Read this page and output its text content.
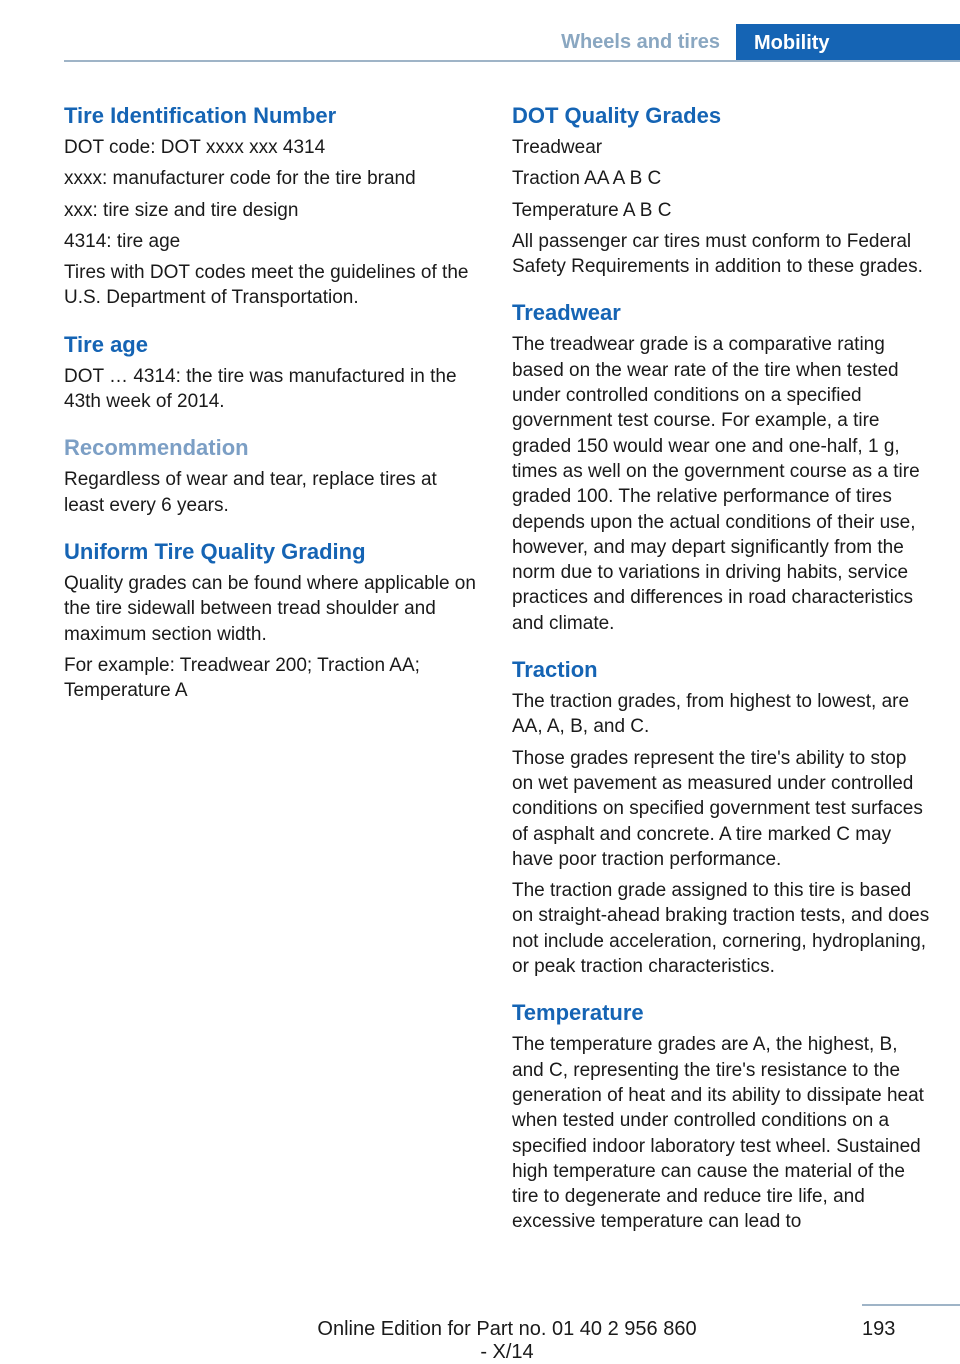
Wheels and tires	Mobility
Tire Identification Number

DOT code: DOT xxxx xxx 4314

xxxx: manufacturer code for the tire brand

xxx: tire size and tire design

4314: tire age

Tires with DOT codes meet the guidelines of the U.S. Department of Transportation.

Tire age

DOT … 4314: the tire was manufactured in the 43th week of 2014.

Recommendation

Regardless of wear and tear, replace tires at least every 6 years.

Uniform Tire Quality Grading

Quality grades can be found where applicable on the tire sidewall between tread shoulder and maximum section width.

For example: Treadwear 200; Traction AA; Temperature A

DOT Quality Grades

Treadwear

Traction AA A B C

Temperature A B C

All passenger car tires must conform to Federal Safety Requirements in addition to these grades.

Treadwear

The treadwear grade is a comparative rating based on the wear rate of the tire when tested under controlled conditions on a specified government test course. For example, a tire graded 150 would wear one and one-half, 1 g, times as well on the government course as a tire graded 100. The relative performance of tires depends upon the actual conditions of their use, however, and may depart significantly from the norm due to variations in driving habits, service practices and differences in road characteristics and climate.

Traction

The traction grades, from highest to lowest, are AA, A, B, and C.

Those grades represent the tire's ability to stop on wet pavement as measured under controlled conditions on specified government test surfaces of asphalt and concrete. A tire marked C may have poor traction performance.

The traction grade assigned to this tire is based on straight-ahead braking traction tests, and does not include acceleration, cornering, hydroplaning, or peak traction characteristics.

Temperature

The temperature grades are A, the highest, B, and C, representing the tire's resistance to the generation of heat and its ability to dissipate heat when tested under controlled conditions on a specified indoor laboratory test wheel. Sustained high temperature can cause the material of the tire to degenerate and reduce tire life, and excessive temperature can lead to

193
Online Edition for Part no. 01 40 2 956 860 - X/14
